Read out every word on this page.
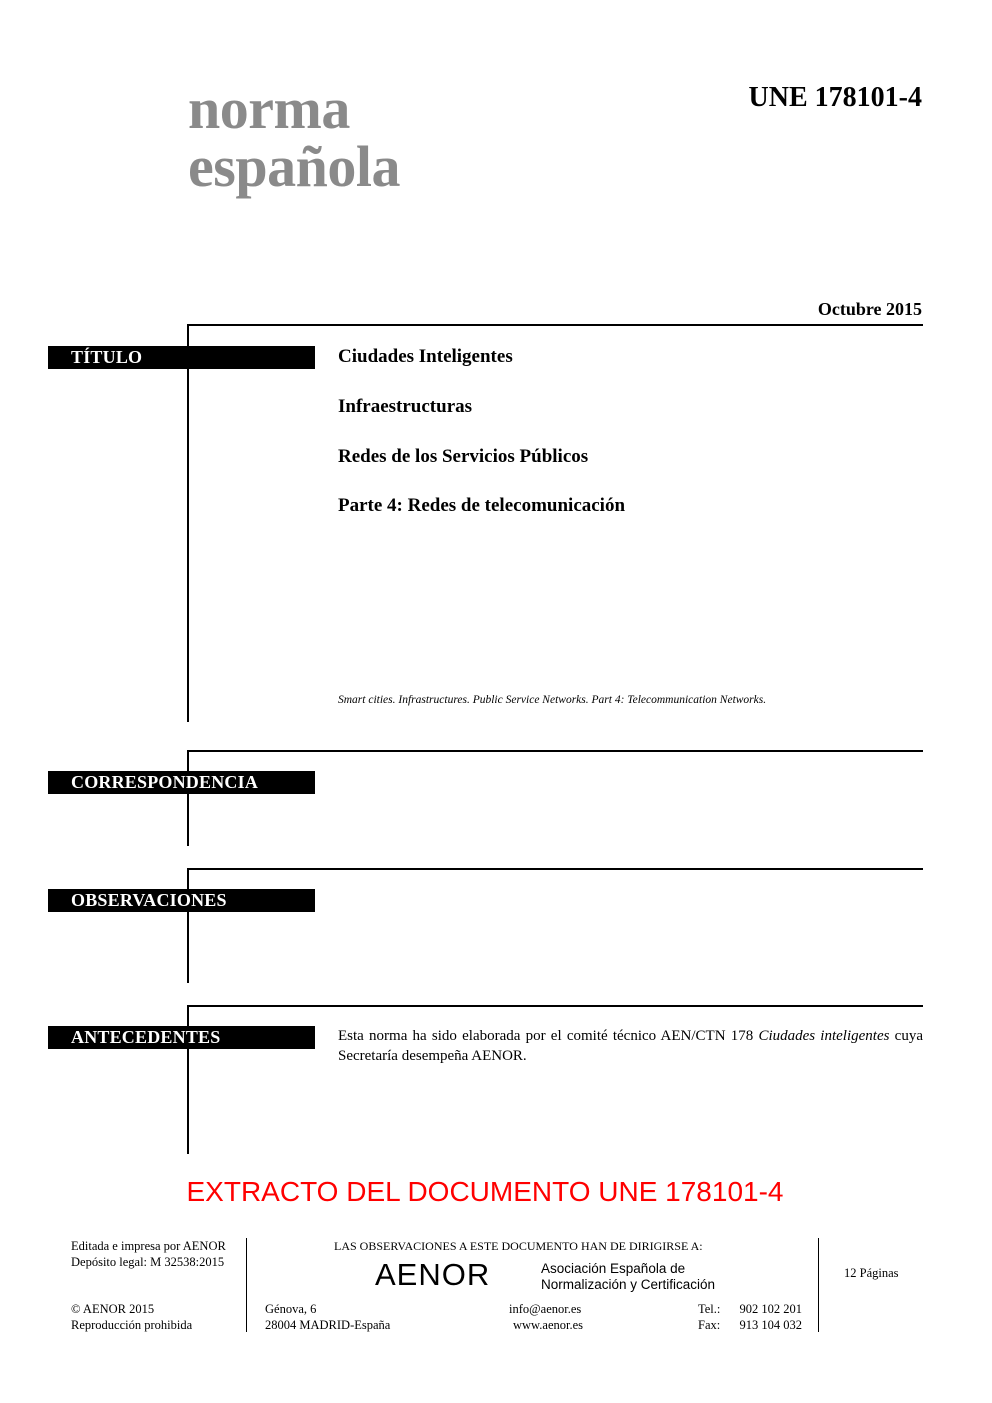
norma
española
UNE 178101-4
Octubre 2015
TÍTULO	Ciudades Inteligentes
Infraestructuras
Redes de los Servicios Públicos
Parte 4: Redes de telecomunicación
Smart cities. Infrastructures. Public Service Networks. Part 4: Telecommunication Networks.
CORRESPONDENCIA
OBSERVACIONES
ANTECEDENTES	Esta norma ha sido elaborada por el comité técnico AEN/CTN 178 Ciudades inteligentes cuya Secretaría desempeña AENOR.
EXTRACTO DEL DOCUMENTO UNE 178101-4
Editada e impresa por AENOR
Depósito legal: M 32538:2015
© AENOR 2015
Reproducción prohibida
LAS OBSERVACIONES A ESTE DOCUMENTO HAN DE DIRIGIRSE A:
AENOR	Asociación Española de
Normalización y Certificación
Génova, 6
28004 MADRID-España
info@aenor.es
www.aenor.es
Tel.: 902 102 201
Fax: 913 104 032
12 Páginas
